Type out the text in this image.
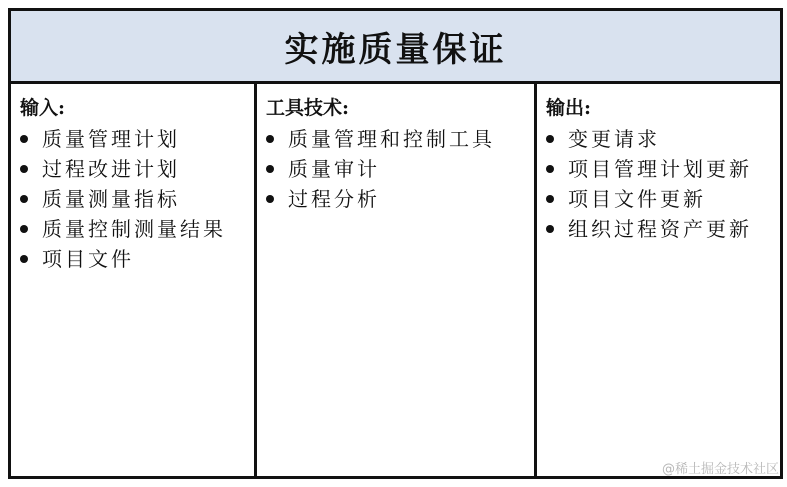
实施质量保证
输入:
质量管理计划
过程改进计划
质量测量指标
质量控制测量结果
项目文件
工具技术:
质量管理和控制工具
质量审计
过程分析
输出:
变更请求
项目管理计划更新
项目文件更新
组织过程资产更新
@稀土掘金技术社区
